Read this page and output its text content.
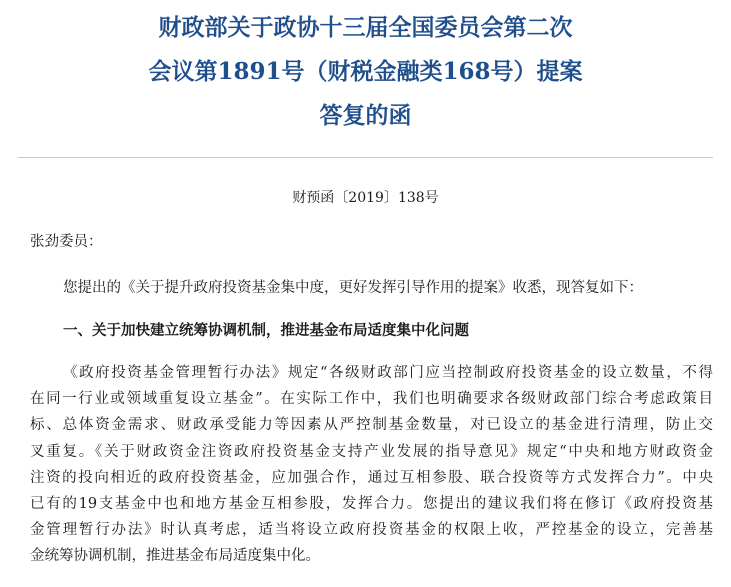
财政部关于政协十三届全国委员会第二次
会议第1891号（财税金融类168号）提案
答复的函
财预函〔2019〕138号
张劲委员：
您提出的《关于提升政府投资基金集中度，更好发挥引导作用的提案》收悉，现答复如下：
一、关于加快建立统筹协调机制，推进基金布局适度集中化问题
《政府投资基金管理暂行办法》规定“各级财政部门应当控制政府投资基金的设立数量，不得
在同一行业或领域重复设立基金”。在实际工作中，我们也明确要求各级财政部门综合考虑政策目
标、总体资金需求、财政承受能力等因素从严控制基金数量，对已设立的基金进行清理，防止交
叉重复。《关于财政资金注资政府投资基金支持产业发展的指导意见》规定“中央和地方财政资金
注资的投向相近的政府投资基金，应加强合作，通过互相参股、联合投资等方式发挥合力”。中央
已有的19支基金中也和地方基金互相参股，发挥合力。您提出的建议我们将在修订《政府投资基
金管理暂行办法》时认真考虑，适当将设立政府投资基金的权限上收，严控基金的设立，完善基
金统筹协调机制，推进基金布局适度集中化。
